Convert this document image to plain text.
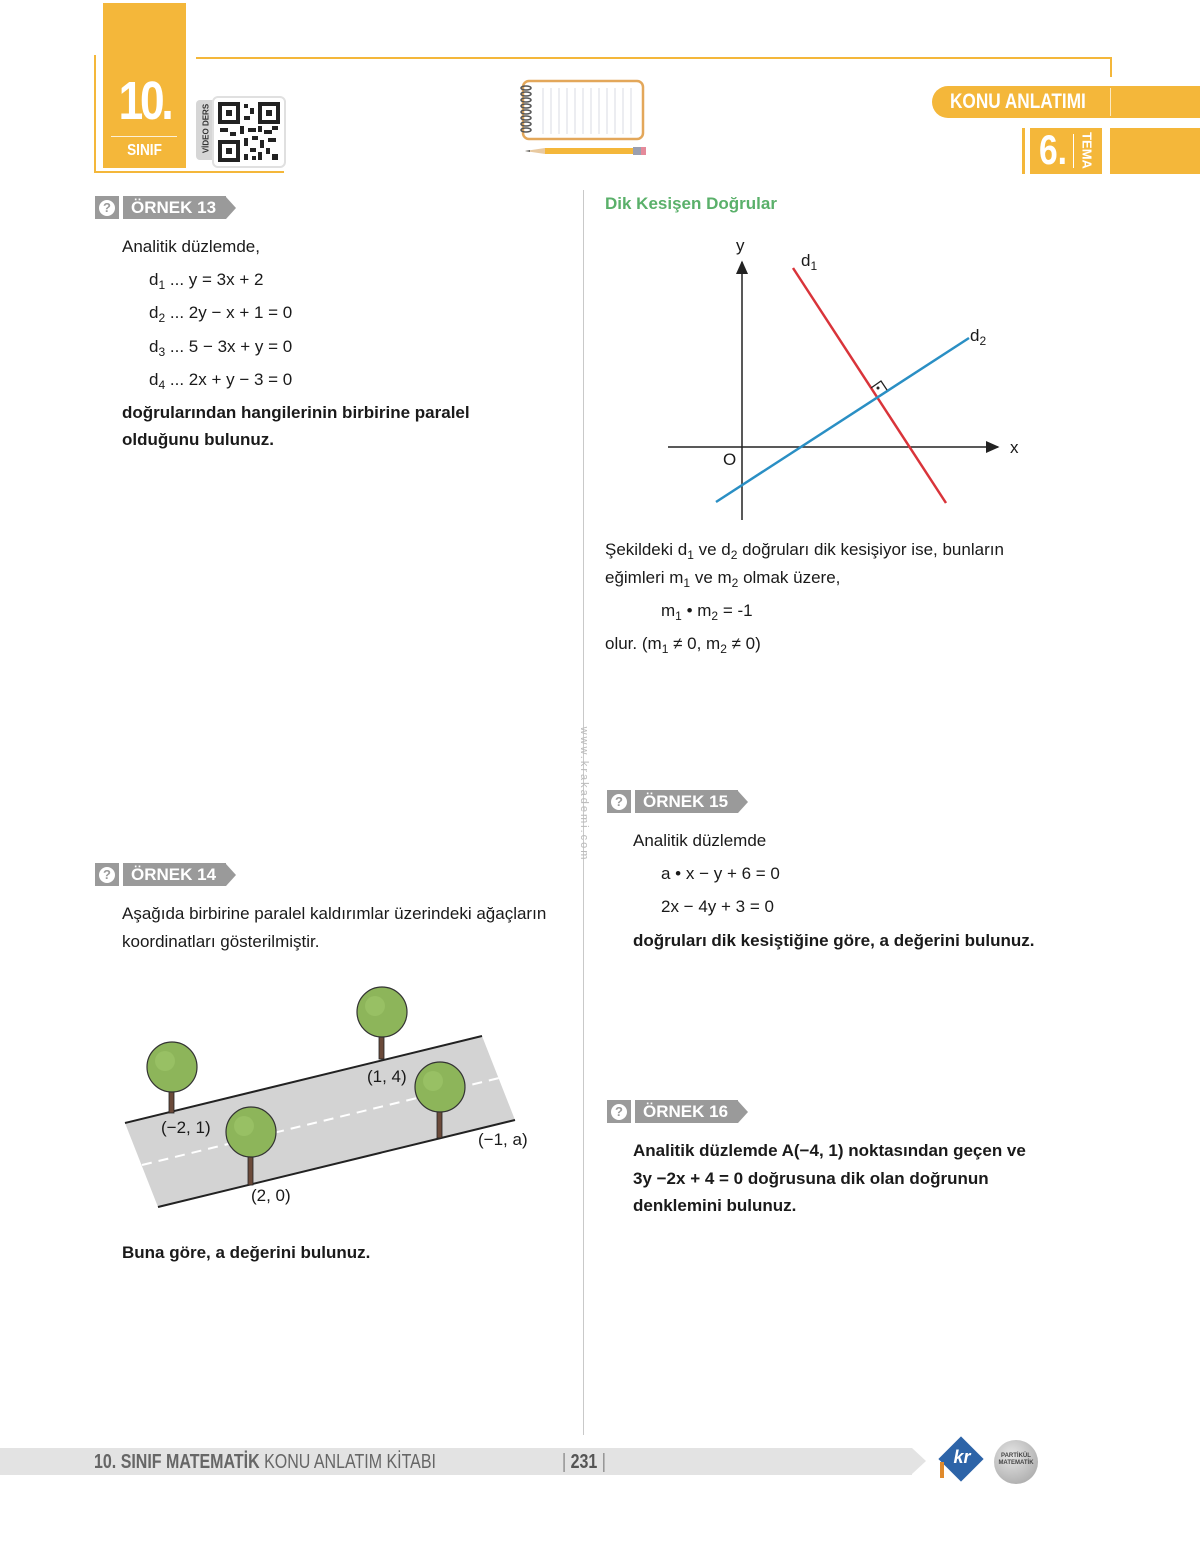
10.
SINIF	VİDEO DERS
KONU ANLATIMI
6. TEMA
www.krakademi.com
?	ÖRNEK 13
Analitik düzlemde,
$d_1$ ... y = 3x + 2
$d_2$ ... 2y − x + 1 = 0
$d_3$ ... 5 − 3x + y = 0
$d_4$ ... 2x + y − 3 = 0
doğrularından hangilerinin birbirine paralel
olduğunu bulunuz.
Dik Kesişen Doğrular
y
x
O
$d_1$
$d_2$
Şekildeki $d_1$ ve $d_2$ doğruları dik kesişiyor ise, bunların
eğimleri $m_1$ ve $m_2$ olmak üzere,
$m_1$ • $m_2 = -1$
olur. ($m_1 \ne 0$, $m_2 \ne 0$)
?	ÖRNEK 14
Aşağıda birbirine paralel kaldırımlar üzerindeki ağaçların
koordinatları gösterilmiştir.
(−2, 1)
(1, 4)
(2, 0)
(−1, a)
Buna göre, a değerini bulunuz.
?	ÖRNEK 15
Analitik düzlemde
a • x − y + 6 = 0
2x − 4y + 3 = 0
doğruları dik kesiştiğine göre, a değerini bulunuz.
?	ÖRNEK 16
Analitik düzlemde A(−4, 1) noktasından geçen ve
3y −2x + 4 = 0 doğrusuna dik olan doğrunun
denklemini bulunuz.
10. SINIF MATEMATİK KONU ANLATIM KİTABI	| 231 |	kr	PARTİKÜL
MATEMATİK
